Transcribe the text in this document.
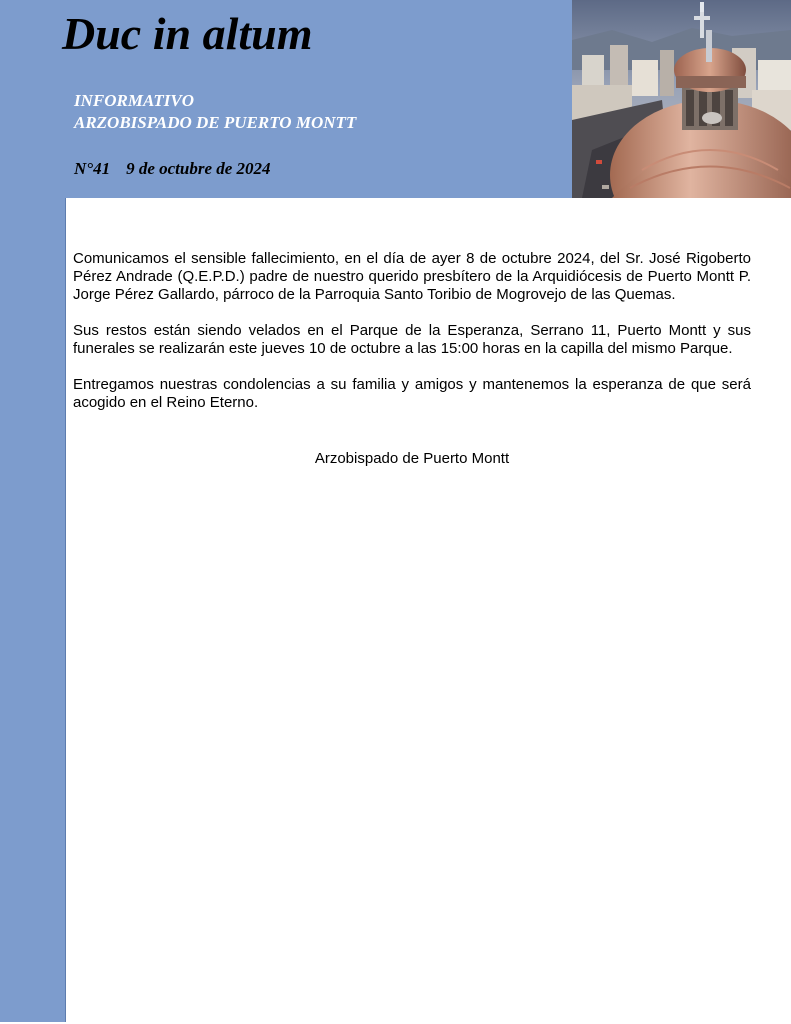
Duc in altum
INFORMATIVO
ARZOBISPADO DE PUERTO MONTT
N°41 9 de octubre de 2024

Comunicamos el sensible fallecimiento, en el día de ayer 8 de octubre 2024, del Sr. José Rigoberto Pérez Andrade (Q.E.P.D.) padre de nuestro querido presbítero de la Arquidiócesis de Puerto Montt P. Jorge Pérez Gallardo, párroco de la Parroquia Santo Toribio de Mogrovejo de las Quemas.

Sus restos están siendo velados en el Parque de la Esperanza, Serrano 11, Puerto Montt y sus funerales se realizarán este jueves 10 de octubre a las 15:00 horas en la capilla del mismo Parque.

Entregamos nuestras condolencias a su familia y amigos y mantenemos la esperanza de que será acogido en el Reino Eterno.

Arzobispado de Puerto Montt
